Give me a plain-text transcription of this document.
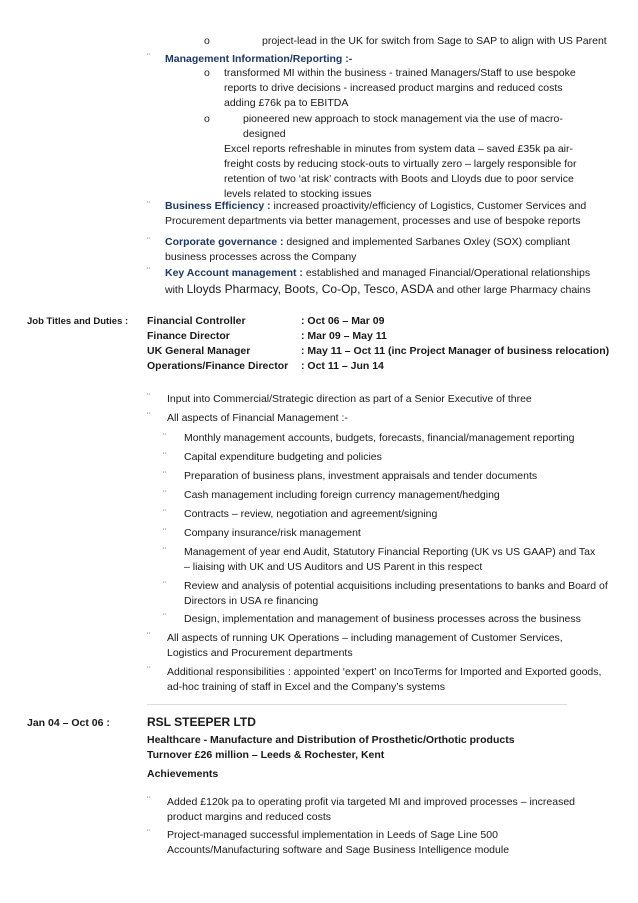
o	project-lead in the UK for switch from Sage to SAP to align with US Parent
¨ Management Information/Reporting :-
o transformed MI within the business - trained Managers/Staff to use bespoke reports to drive decisions - increased product margins and reduced costs adding £76k pa to EBITDA
o	pioneered new approach to stock management via the use of macro-designed
Excel reports refreshable in minutes from system data – saved £35k pa air-freight costs by reducing stock-outs to virtually zero – largely responsible for retention of two ‘at risk’ contracts with Boots and Lloyds due to poor service levels related to stocking issues
¨ Business Efficiency : increased proactivity/efficiency of Logistics, Customer Services and Procurement departments via better management, processes and use of bespoke reports
¨ Corporate governance : designed and implemented Sarbanes Oxley (SOX) compliant business processes across the Company
¨ Key Account management : established and managed Financial/Operational relationships
with Lloyds Pharmacy, Boots, Co-Op, Tesco, ASDA and other large Pharmacy chains
Job Titles and Duties : Financial Controller	: Oct 06 – Mar 09
Finance Director	: Mar 09 – May 11
UK General Manager	: May 11 – Oct 11 (inc Project Manager of business relocation)
Operations/Finance Director : Oct 11 – Jun 14
¨ Input into Commercial/Strategic direction as part of a Senior Executive of three
¨ All aspects of Financial Management :-
¨ Monthly management accounts, budgets, forecasts, financial/management reporting
¨ Capital expenditure budgeting and policies
¨ Preparation of business plans, investment appraisals and tender documents
¨ Cash management including foreign currency management/hedging
¨ Contracts – review, negotiation and agreement/signing
¨ Company insurance/risk management
¨ Management of year end Audit, Statutory Financial Reporting (UK vs US GAAP) and Tax – liaising with UK and US Auditors and US Parent in this respect
¨ Review and analysis of potential acquisitions including presentations to banks and Board of Directors in USA re financing
¨ Design, implementation and management of business processes across the business
¨ All aspects of running UK Operations – including management of Customer Services, Logistics and Procurement departments
¨ Additional responsibilities : appointed ‘expert’ on IncoTerms for Imported and Exported goods, ad-hoc training of staff in Excel and the Company’s systems
Jan 04 – Oct 06 :	RSL STEEPER LTD
Healthcare - Manufacture and Distribution of Prosthetic/Orthotic products
Turnover £26 million – Leeds & Rochester, Kent
Achievements
¨ Added £120k pa to operating profit via targeted MI and improved processes – increased product margins and reduced costs
¨ Project-managed successful implementation in Leeds of Sage Line 500 Accounts/Manufacturing software and Sage Business Intelligence module
